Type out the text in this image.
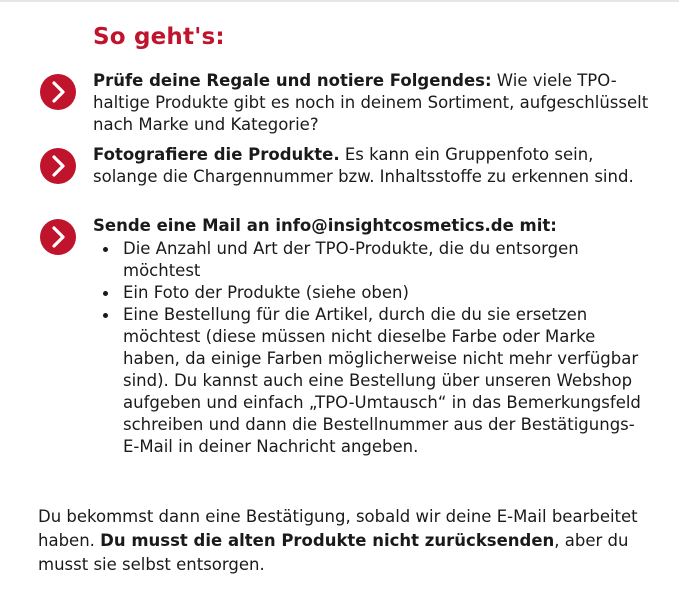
So geht's:
Prüfe deine Regale und notiere Folgendes: Wie viele TPO-haltige Produkte gibt es noch in deinem Sortiment, aufgeschlüsselt nach Marke und Kategorie?
Fotografiere die Produkte. Es kann ein Gruppenfoto sein, solange die Chargennummer bzw. Inhaltsstoffe zu erkennen sind.
Sende eine Mail an info@insightcosmetics.de mit:
Die Anzahl und Art der TPO-Produkte, die du entsorgen möchtest
Ein Foto der Produkte (siehe oben)
Eine Bestellung für die Artikel, durch die du sie ersetzen möchtest (diese müssen nicht dieselbe Farbe oder Marke haben, da einige Farben möglicherweise nicht mehr verfügbar sind). Du kannst auch eine Bestellung über unseren Webshop aufgeben und einfach „TPO-Umtausch“ in das Bemerkungsfeld schreiben und dann die Bestellnummer aus der Bestätigungs-E-Mail in deiner Nachricht angeben.

Du bekommst dann eine Bestätigung, sobald wir deine E-Mail bearbeitet haben. Du musst die alten Produkte nicht zurücksenden, aber du musst sie selbst entsorgen.
